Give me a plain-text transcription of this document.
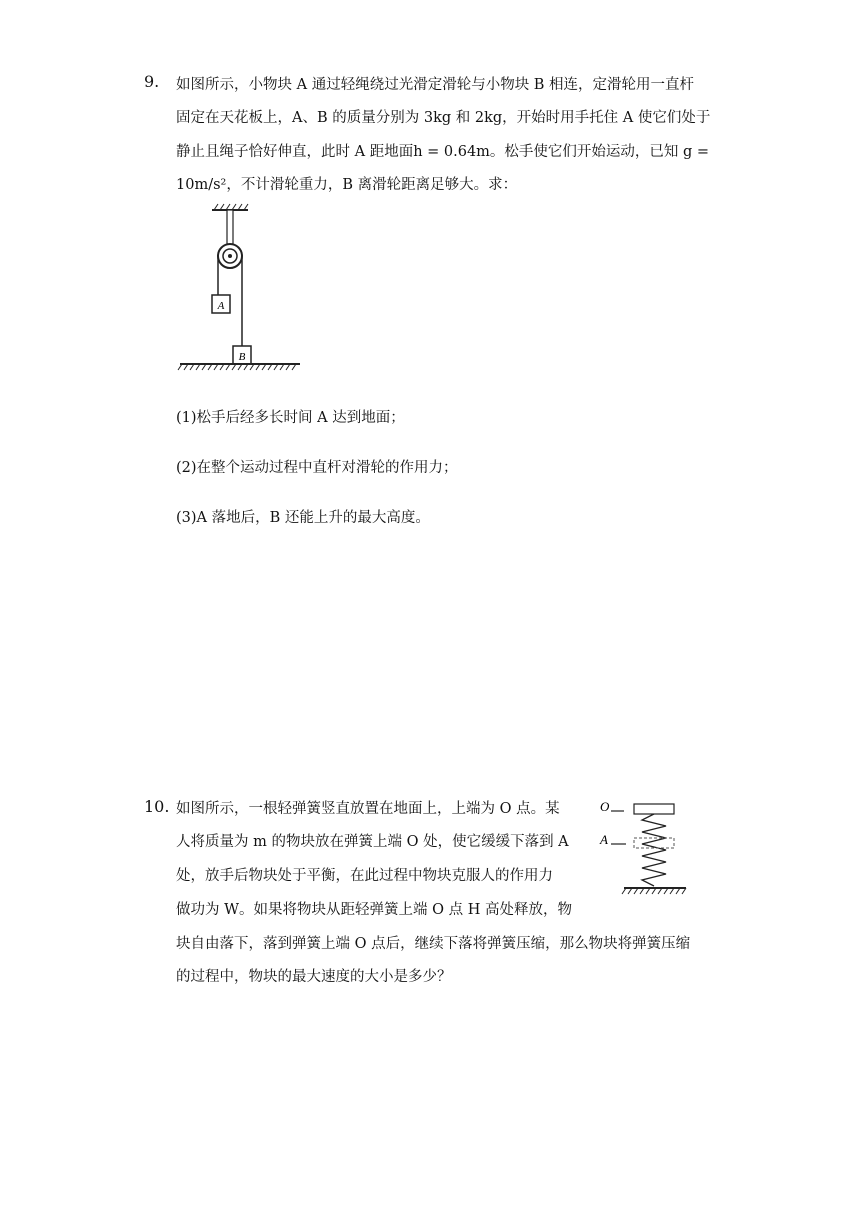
9. 如图所示，小物块 A 通过轻绳绕过光滑定滑轮与小物块 B 相连，定滑轮用一直杆
固定在天花板上，A、B 的质量分别为 3kg 和 2kg，开始时用手托住 A 使它们处于
静止且绳子恰好伸直，此时 A 距地面h = 0.64m。松手使它们开始运动，已知 g =
10m/s²，不计滑轮重力，B 离滑轮距离足够大。求：
A
B
(1)松手后经多长时间 A 达到地面；
(2)在整个运动过程中直杆对滑轮的作用力；
(3)A 落地后，B 还能上升的最大高度。
10. 如图所示，一根轻弹簧竖直放置在地面上，上端为 O 点。某
人将质量为 m 的物块放在弹簧上端 O 处，使它缓缓下落到 A
处，放手后物块处于平衡，在此过程中物块克服人的作用力
做功为 W。如果将物块从距轻弹簧上端 O 点 H 高处释放，物
块自由落下，落到弹簧上端 O 点后，继续下落将弹簧压缩，那么物块将弹簧压缩
的过程中，物块的最大速度的大小是多少？
O
A
